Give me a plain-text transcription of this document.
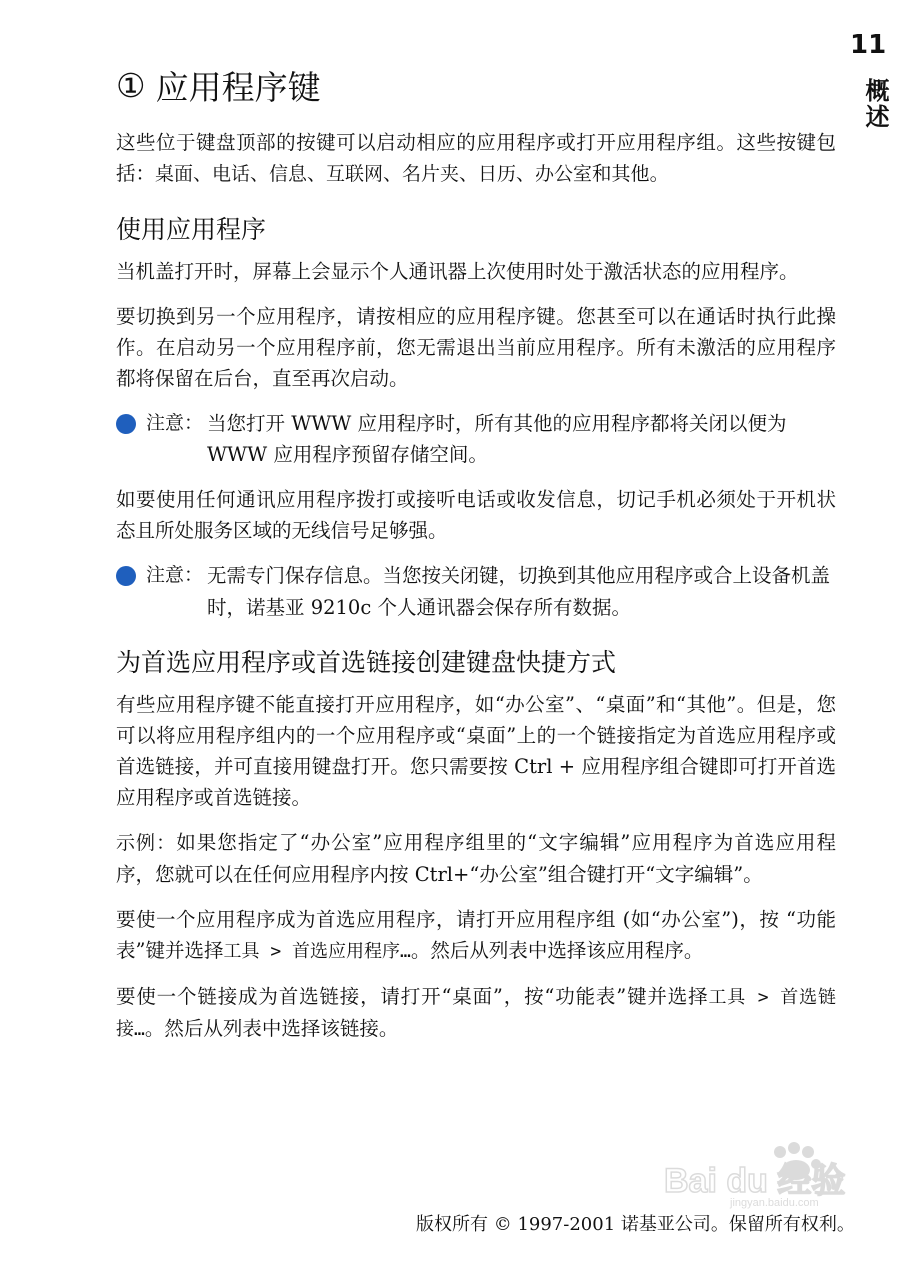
11
概述
① 应用程序键

这些位于键盘顶部的按键可以启动相应的应用程序或打开应用程序组。这些按键包括：桌面、电话、信息、互联网、名片夹、日历、办公室和其他。

使用应用程序

当机盖打开时，屏幕上会显示个人通讯器上次使用时处于激活状态的应用程序。

要切换到另一个应用程序，请按相应的应用程序键。您甚至可以在通话时执行此操作。在启动另一个应用程序前，您无需退出当前应用程序。所有未激活的应用程序都将保留在后台，直至再次启动。

注意： 当您打开 WWW 应用程序时，所有其他的应用程序都将关闭以便为 WWW 应用程序预留存储空间。

如要使用任何通讯应用程序拨打或接听电话或收发信息，切记手机必须处于开机状态且所处服务区域的无线信号足够强。

注意： 无需专门保存信息。当您按关闭键，切换到其他应用程序或合上设备机盖时，诺基亚 9210c 个人通讯器会保存所有数据。
为首选应用程序或首选链接创建键盘快捷方式

有些应用程序键不能直接打开应用程序，如“办公室”、“桌面”和“其他”。但是，您可以将应用程序组内的一个应用程序或“桌面”上的一个链接指定为首选应用程序或首选链接，并可直接用键盘打开。您只需要按 Ctrl + 应用程序组合键即可打开首选应用程序或首选链接。

示例：如果您指定了“办公室”应用程序组里的“文字编辑”应用程序为首选应用程序，您就可以在任何应用程序内按 Ctrl+“办公室”组合键打开“文字编辑”。

要使一个应用程序成为首选应用程序，请打开应用程序组 (如“办公室”)，按 “功能表”键并选择工具 > 首选应用程序…。然后从列表中选择该应用程序。

要使一个链接成为首选链接，请打开“桌面”，按“功能表”键并选择工具 > 首选链接…。然后从列表中选择该链接。

Bai du 经验
jingyan.baidu.com
版权所有 © 1997-2001 诺基亚公司。保留所有权利。
